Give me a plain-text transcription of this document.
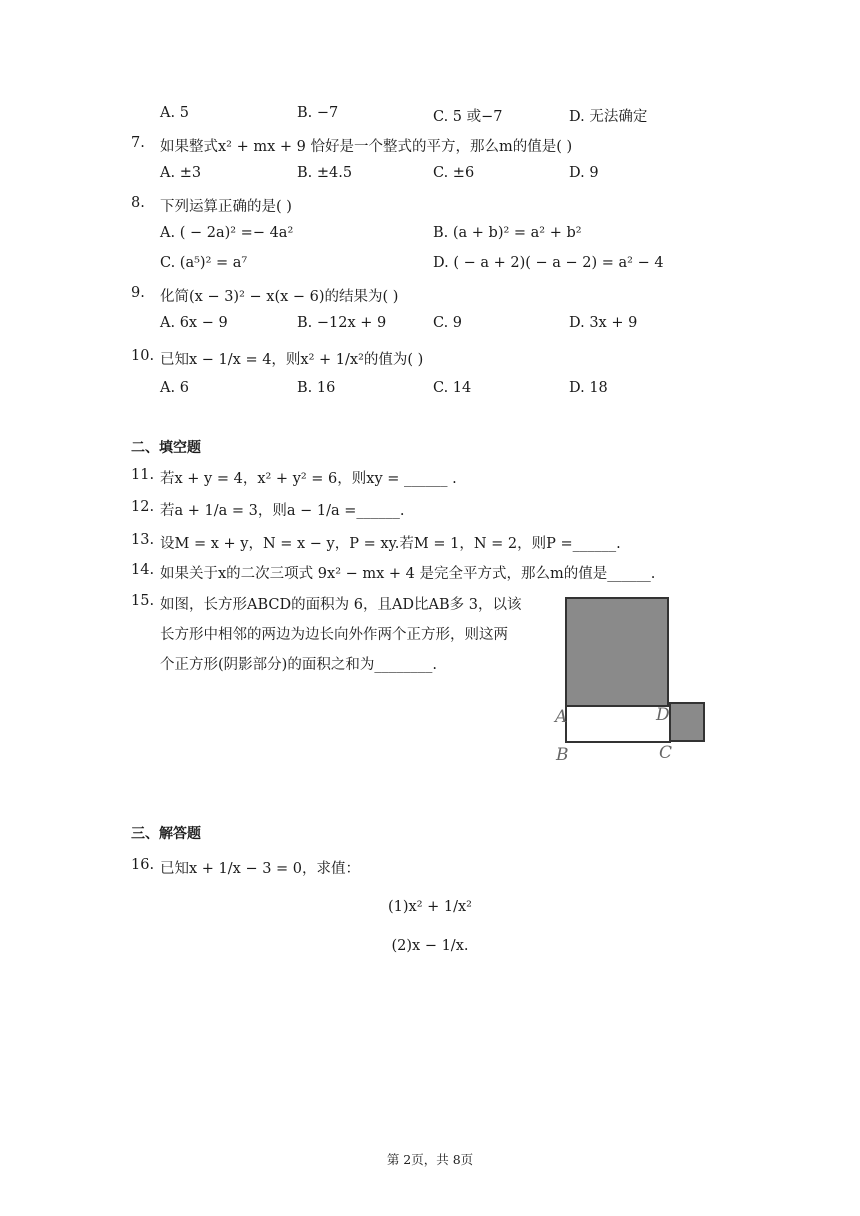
A. 5	B. −7	C. 5 或−7	D. 无法确定
7. 如果整式x² + mx + 9 恰好是一个整式的平方，那么m的值是( )
A. ±3	B. ±4.5	C. ±6	D. 9
8. 下列运算正确的是( )
A. ( − 2a)² =− 4a²	B. (a + b)² = a² + b²
C. (a⁵)² = a⁷	D. ( − a + 2)( − a − 2) = a² − 4
9. 化简(x − 3)² − x(x − 6)的结果为( )
A. 6x − 9	B. −12x + 9	C. 9	D. 3x + 9
10. 已知x − 1/x = 4，则x² + 1/x²的值为( )
A. 6	B. 16	C. 14	D. 18
二、填空题
11. 若x + y = 4，x² + y² = 6，则xy = ______ .
12. 若a + 1/a = 3，则a − 1/a =______.
13. 设M = x + y，N = x − y，P = xy.若M = 1，N = 2，则P =______.
14. 如果关于x的二次三项式 9x² − mx + 4 是完全平方式，那么m的值是______.
15. 如图，长方形ABCD的面积为 6，且AD比AB多 3，以该
长方形中相邻的两边为边长向外作两个正方形，则这两
个正方形(阴影部分)的面积之和为________.
A	D
B	C
三、解答题
16. 已知x + 1/x − 3 = 0，求值：
(1)x² + 1/x²
(2)x − 1/x.
第 2页，共 8页
